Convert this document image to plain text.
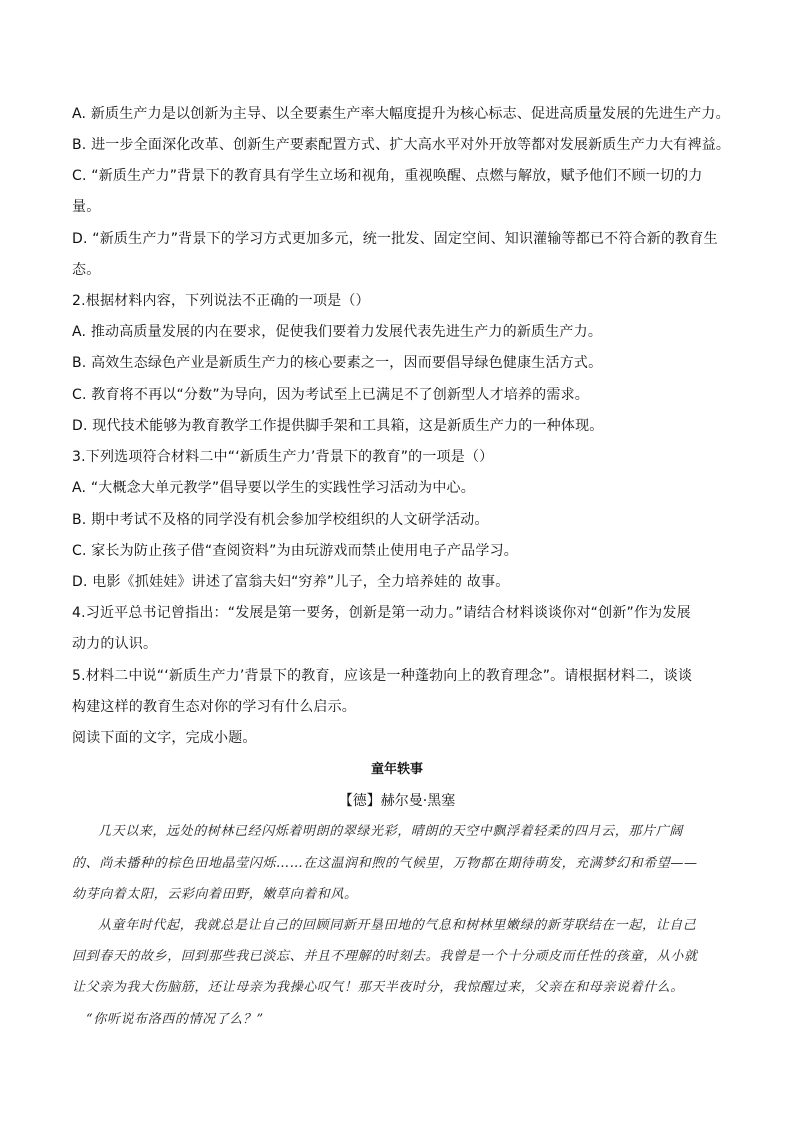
A. 新质生产力是以创新为主导、以全要素生产率大幅度提升为核心标志、促进高质量发展的先进生产力。
B. 进一步全面深化改革、创新生产要素配置方式、扩大高水平对外开放等都对发展新质生产力大有裨益。
C. “新质生产力”背景下的教育具有学生立场和视角，重视唤醒、点燃与解放，赋予他们不顾一切的力
量。
D. “新质生产力”背景下的学习方式更加多元，统一批发、固定空间、知识灌输等都已不符合新的教育生
态。
2.根据材料内容，下列说法不正确的一项是（）
A. 推动高质量发展的内在要求，促使我们要着力发展代表先进生产力的新质生产力。
B. 高效生态绿色产业是新质生产力的核心要素之一，因而要倡导绿色健康生活方式。
C. 教育将不再以“分数”为导向，因为考试至上已满足不了创新型人才培养的需求。
D. 现代技术能够为教育教学工作提供脚手架和工具箱，这是新质生产力的一种体现。
3.下列选项符合材料二中“‘新质生产力’背景下的教育”的一项是（）
A. “大概念大单元教学”倡导要以学生的实践性学习活动为中心。
B. 期中考试不及格的同学没有机会参加学校组织的人文研学活动。
C. 家长为防止孩子借“查阅资料”为由玩游戏而禁止使用电子产品学习。
D. 电影《抓娃娃》讲述了富翁夫妇“穷养”儿子，全力培养娃的 故事。
4.习近平总书记曾指出：“发展是第一要务，创新是第一动力。”请结合材料谈谈你对“创新”作为发展
动力的认识。
5.材料二中说“‘新质生产力’背景下的教育，应该是一种蓬勃向上的教育理念”。请根据材料二，谈谈
构建这样的教育生态对你的学习有什么启示。
阅读下面的文字，完成小题。
童年轶事
【德】赫尔曼·黑塞
几天以来，远处的树林已经闪烁着明朗的翠绿光彩，晴朗的天空中飘浮着轻柔的四月云，那片广阔
的、尚未播种的棕色田地晶莹闪烁……在这温润和煦的气候里，万物都在期待萌发，充满梦幻和希望——
幼芽向着太阳，云彩向着田野，嫩草向着和风。
从童年时代起，我就总是让自己的回顾同新开垦田地的气息和树林里嫩绿的新芽联结在一起，让自己
回到春天的故乡，回到那些我已淡忘、并且不理解的时刻去。我曾是一个十分顽皮而任性的孩童，从小就
让父亲为我大伤脑筋，还让母亲为我操心叹气！那天半夜时分，我惊醒过来，父亲在和母亲说着什么。
“你听说布洛西的情况了么？”
